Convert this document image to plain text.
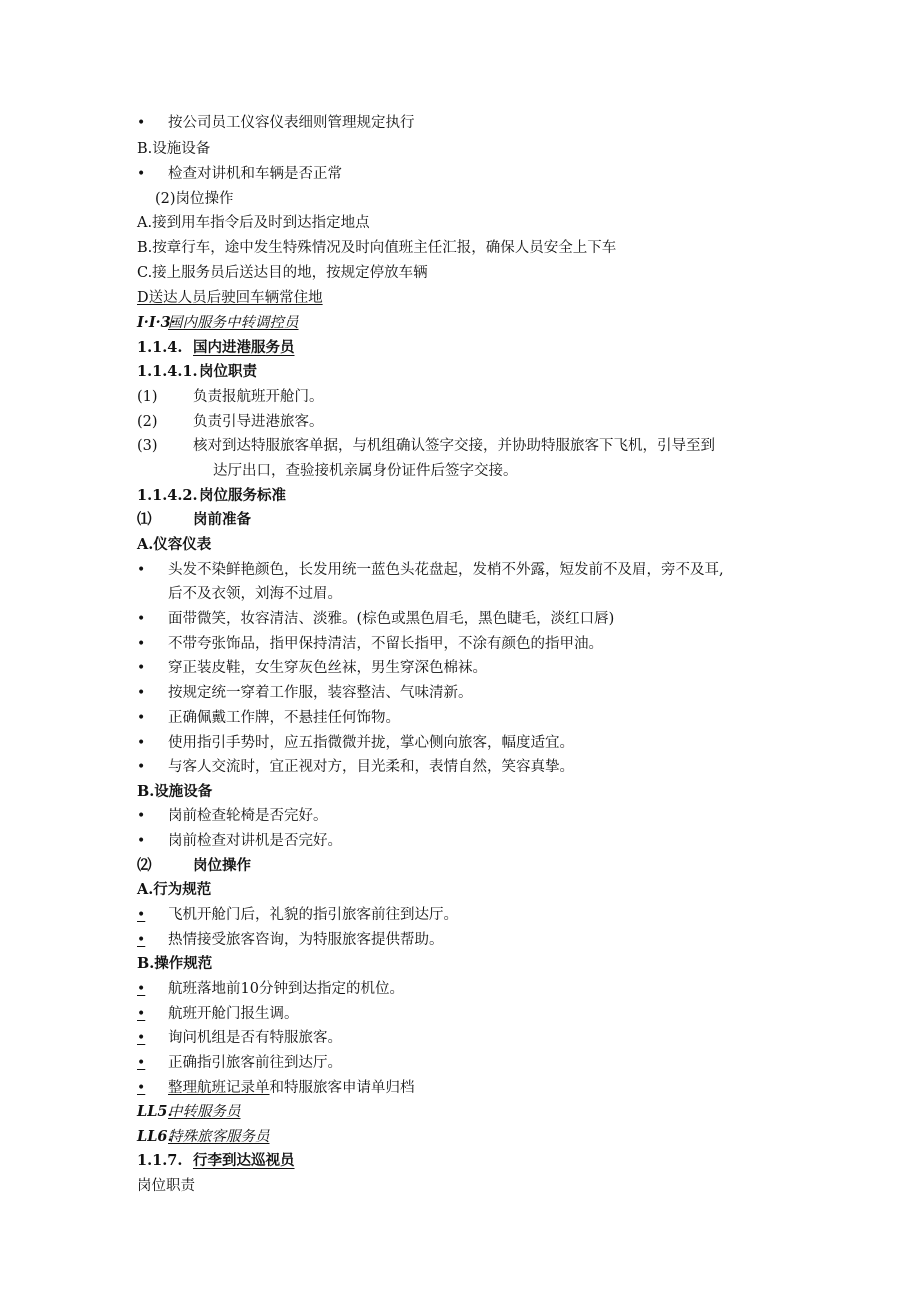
•	按公司员工仪容仪表细则管理规定执行
B.设施设备
•	检查对讲机和车辆是否正常
(2)岗位操作
A.接到用车指令后及时到达指定地点
B.按章行车，途中发生特殊情况及时向值班主任汇报，确保人员安全上下车
C.接上服务员后送达目的地，按规定停放车辆
D送达人员后驶回车辆常住地
I·I·3·
国内服务中转调控员
1.1.4. 国内进港服务员
1.1.4.1. 岗位职责
(1) 负责报航班开舱门。
(2) 负责引导进港旅客。
(3) 核对到达特服旅客单据，与机组确认签字交接，并协助特服旅客下飞机，引导至到
达厅出口，查验接机亲属身份证件后签字交接。
1.1.4.2. 岗位服务标准
⑴	岗前准备
A.仪容仪表
•	头发不染鲜艳颜色，长发用统一蓝色头花盘起，发梢不外露，短发前不及眉，旁不及耳,
后不及衣领，刘海不过眉。
•	面带微笑，妆容清洁、淡雅。(棕色或黑色眉毛，黑色睫毛，淡红口唇)
•	不带夸张饰品，指甲保持清洁，不留长指甲，不涂有颜色的指甲油。
•	穿正装皮鞋，女生穿灰色丝袜，男生穿深色棉袜。
•	按规定统一穿着工作服，装容整洁、气味清新。
•	正确佩戴工作牌，不悬挂任何饰物。
•	使用指引手势时，应五指微微并拢，掌心侧向旅客，幅度适宜。
•	与客人交流时，宜正视对方，目光柔和，表情自然，笑容真挚。
B.设施设备
•	岗前检查轮椅是否完好。
•	岗前检查对讲机是否完好。
⑵	岗位操作
A.行为规范
•	飞机开舱门后，礼貌的指引旅客前往到达厅。
•	热情接受旅客咨询，为特服旅客提供帮助。
B.操作规范
•	航班落地前10分钟到达指定的机位。
•	航班开舱门报生调。
•	询问机组是否有特服旅客。
•	正确指引旅客前往到达厅。
•	整理航班记录单和特服旅客申请单归档
LL5.
中转服务员
LL6.
特殊旅客服务员
1.1.7. 行李到达巡视员
岗位职责
